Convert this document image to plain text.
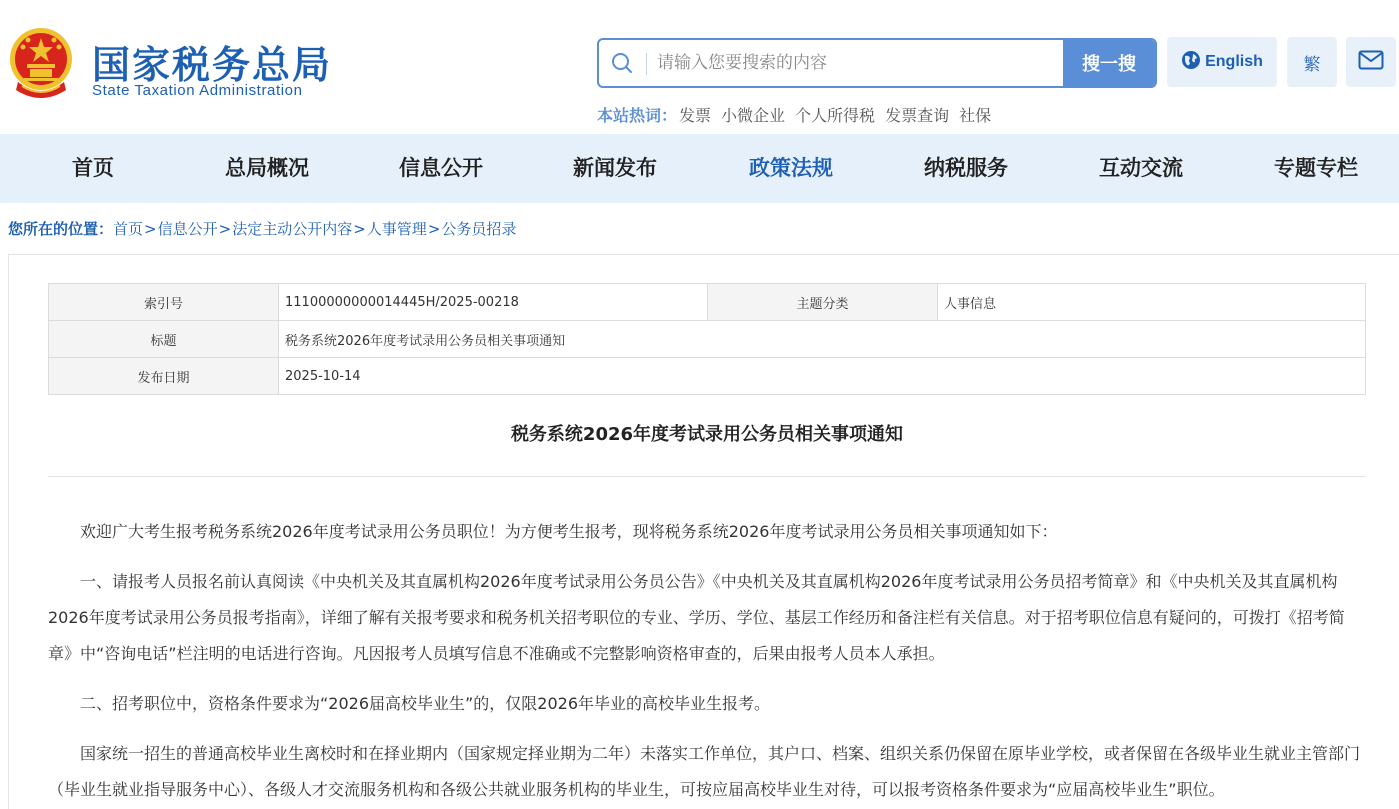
国家税务总局
State Taxation Administration
请输入您要搜索的内容
搜一搜	English	繁
本站热词： 发票 小微企业 个人所得税 发票查询 社保
首页	总局概况	信息公开	新闻发布	政策法规	纳税服务	互动交流	专题专栏
您所在的位置： 首页 > 信息公开 > 法定主动公开内容 > 人事管理 > 公务员招录
索引号	11100000000014445H/2025-00218	主题分类	人事信息
标题	税务系统2026年度考试录用公务员相关事项通知		
发布日期	2025-10-14		
税务系统2026年度考试录用公务员相关事项通知

欢迎广大考生报考税务系统2026年度考试录用公务员职位！为方便考生报考，现将税务系统2026年度考试录用公务员相关事项通知如下：

一、请报考人员报名前认真阅读《中央机关及其直属机构2026年度考试录用公务员公告》《中央机关及其直属机构2026年度考试录用公务员招考简章》和《中央机关及其直属机构2026年度考试录用公务员报考指南》，详细了解有关报考要求和税务机关招考职位的专业、学历、学位、基层工作经历和备注栏有关信息。对于招考职位信息有疑问的，可拨打《招考简章》中“咨询电话”栏注明的电话进行咨询。凡因报考人员填写信息不准确或不完整影响资格审查的，后果由报考人员本人承担。

二、招考职位中，资格条件要求为“2026届高校毕业生”的，仅限2026年毕业的高校毕业生报考。

国家统一招生的普通高校毕业生离校时和在择业期内（国家规定择业期为二年）未落实工作单位，其户口、档案、组织关系仍保留在原毕业学校，或者保留在各级毕业生就业主管部门（毕业生就业指导服务中心）、各级人才交流服务机构和各级公共就业服务机构的毕业生，可按应届高校毕业生对待，可以报考资格条件要求为“应届高校毕业生”职位。
